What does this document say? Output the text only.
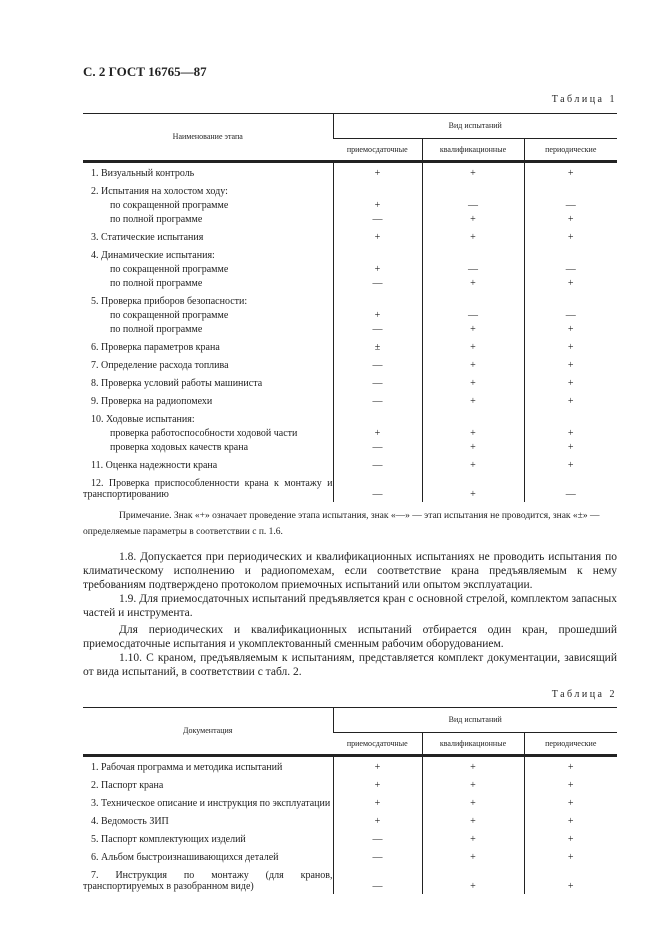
С. 2 ГОСТ 16765—87
Таблица 1
Наименование этапа	Вид испытаний		
	приемосдаточные	квалификационные	периодические
1. Визуальный контроль	+	+	+
2. Испытания на холостом ходу:			
по сокращенной программе	+	—	—
по полной программе	—	+	+
3. Статические испытания	+	+	+
4. Динамические испытания:			
по сокращенной программе	+	—	—
по полной программе	—	+	+
5. Проверка приборов безопасности:			
по сокращенной программе	+	—	—
по полной программе	—	+	+
6. Проверка параметров крана	±	+	+
7. Определение расхода топлива	—	+	+
8. Проверка условий работы машиниста	—	+	+
9. Проверка на радиопомехи	—	+	+
10. Ходовые испытания:			
проверка работоспособности ходовой части	+	+	+
проверка ходовых качеств крана	—	+	+
11. Оценка надежности крана	—	+	+
12. Проверка приспособленности крана к монтажу и транспортированию	—	+	—
Примечание. Знак «+» означает проведение этапа испытания, знак «—» — этап испытания не проводится, знак «±» — определяемые параметры в соответствии с п. 1.6.

1.8. Допускается при периодических и квалификационных испытаниях не проводить испытания по климатическому исполнению и радиопомехам, если соответствие крана предъявляемым к нему требованиям подтверждено протоколом приемочных испытаний или опытом эксплуатации.

1.9. Для приемосдаточных испытаний предъявляется кран с основной стрелой, комплектом запасных частей и инструмента.

Для периодических и квалификационных испытаний отбирается один кран, прошедший приемосдаточные испытания и укомплектованный сменным рабочим оборудованием.

1.10. С краном, предъявляемым к испытаниям, представляется комплект документации, зависящий от вида испытаний, в соответствии с табл. 2.

Таблица 2
Документация	Вид испытаний		
	приемосдаточные	квалификационные	периодические
1. Рабочая программа и методика испытаний	+	+	+
2. Паспорт крана	+	+	+
3. Техническое описание и инструкция по эксплуатации	+	+	+
4. Ведомость ЗИП	+	+	+
5. Паспорт комплектующих изделий	—	+	+
6. Альбом быстроизнашивающихся деталей	—	+	+
7. Инструкция по монтажу (для кранов, транспортируемых в разобранном виде)	—	+	+
